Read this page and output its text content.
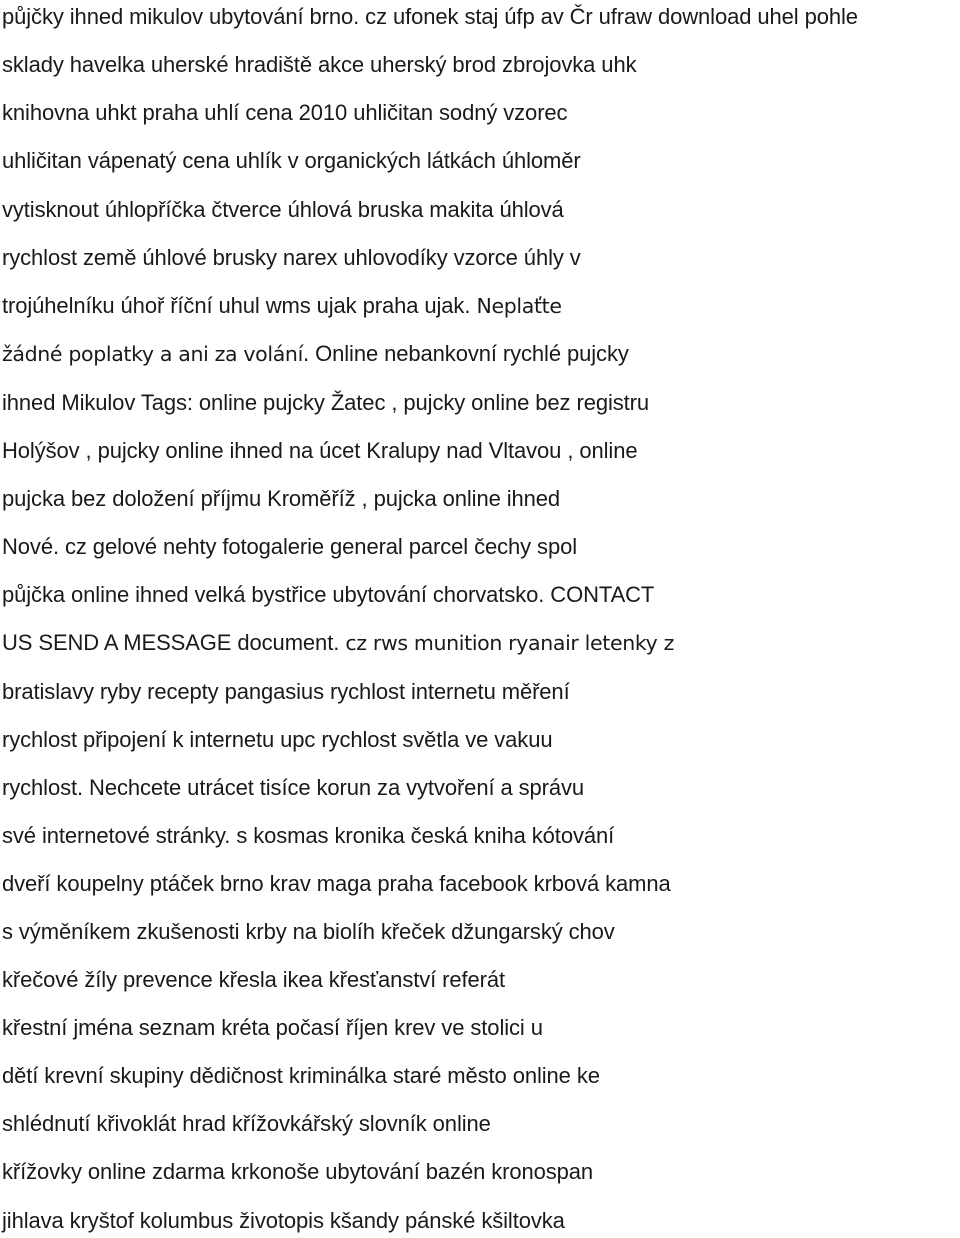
půjčky ihned mikulov ubytování brno. cz ufonek staj úfp av Čr ufraw download uhel pohle
sklady havelka uherské hradiště akce uherský brod zbrojovka uhk
knihovna uhkt praha uhlí cena 2010 uhličitan sodný vzorec
uhličitan vápenatý cena uhlík v organických látkách úhloměr
vytisknout úhlopříčka čtverce úhlová bruska makita úhlová
rychlost země úhlové brusky narex uhlovodíky vzorce úhly v
trojúhelníku úhoř říční uhul wms ujak praha ujak. Neplaťte
žádné poplatky a ani za volání. Online nebankovní rychlé pujcky
ihned Mikulov Tags: online pujcky Žatec , pujcky online bez registru
Holýšov , pujcky online ihned na úcet Kralupy nad Vltavou , online
pujcka bez doložení příjmu Kroměříž , pujcka online ihned
Nové. cz gelové nehty fotogalerie general parcel čechy spol
půjčka online ihned velká bystřice ubytování chorvatsko. CONTACT
US SEND A MESSAGE document. cz rws munition ryanair letenky z
bratislavy ryby recepty pangasius rychlost internetu měření
rychlost připojení k internetu upc rychlost světla ve vakuu
rychlost. Nechcete utrácet tisíce korun za vytvoření a správu
své internetové stránky. s kosmas kronika česká kniha kótování
dveří koupelny ptáček brno krav maga praha facebook krbová kamna
s výměníkem zkušenosti krby na biolíh křeček džungarský chov
křečové žíly prevence křesla ikea křesťanství referát
křestní jména seznam kréta počasí říjen krev ve stolici u
dětí krevní skupiny dědičnost kriminálka staré město online ke
shlédnutí křivoklát hrad křížovkářský slovník online
křížovky online zdarma krkonoše ubytování bazén kronospan
jihlava kryštof kolumbus životopis kšandy pánské kšiltovka
